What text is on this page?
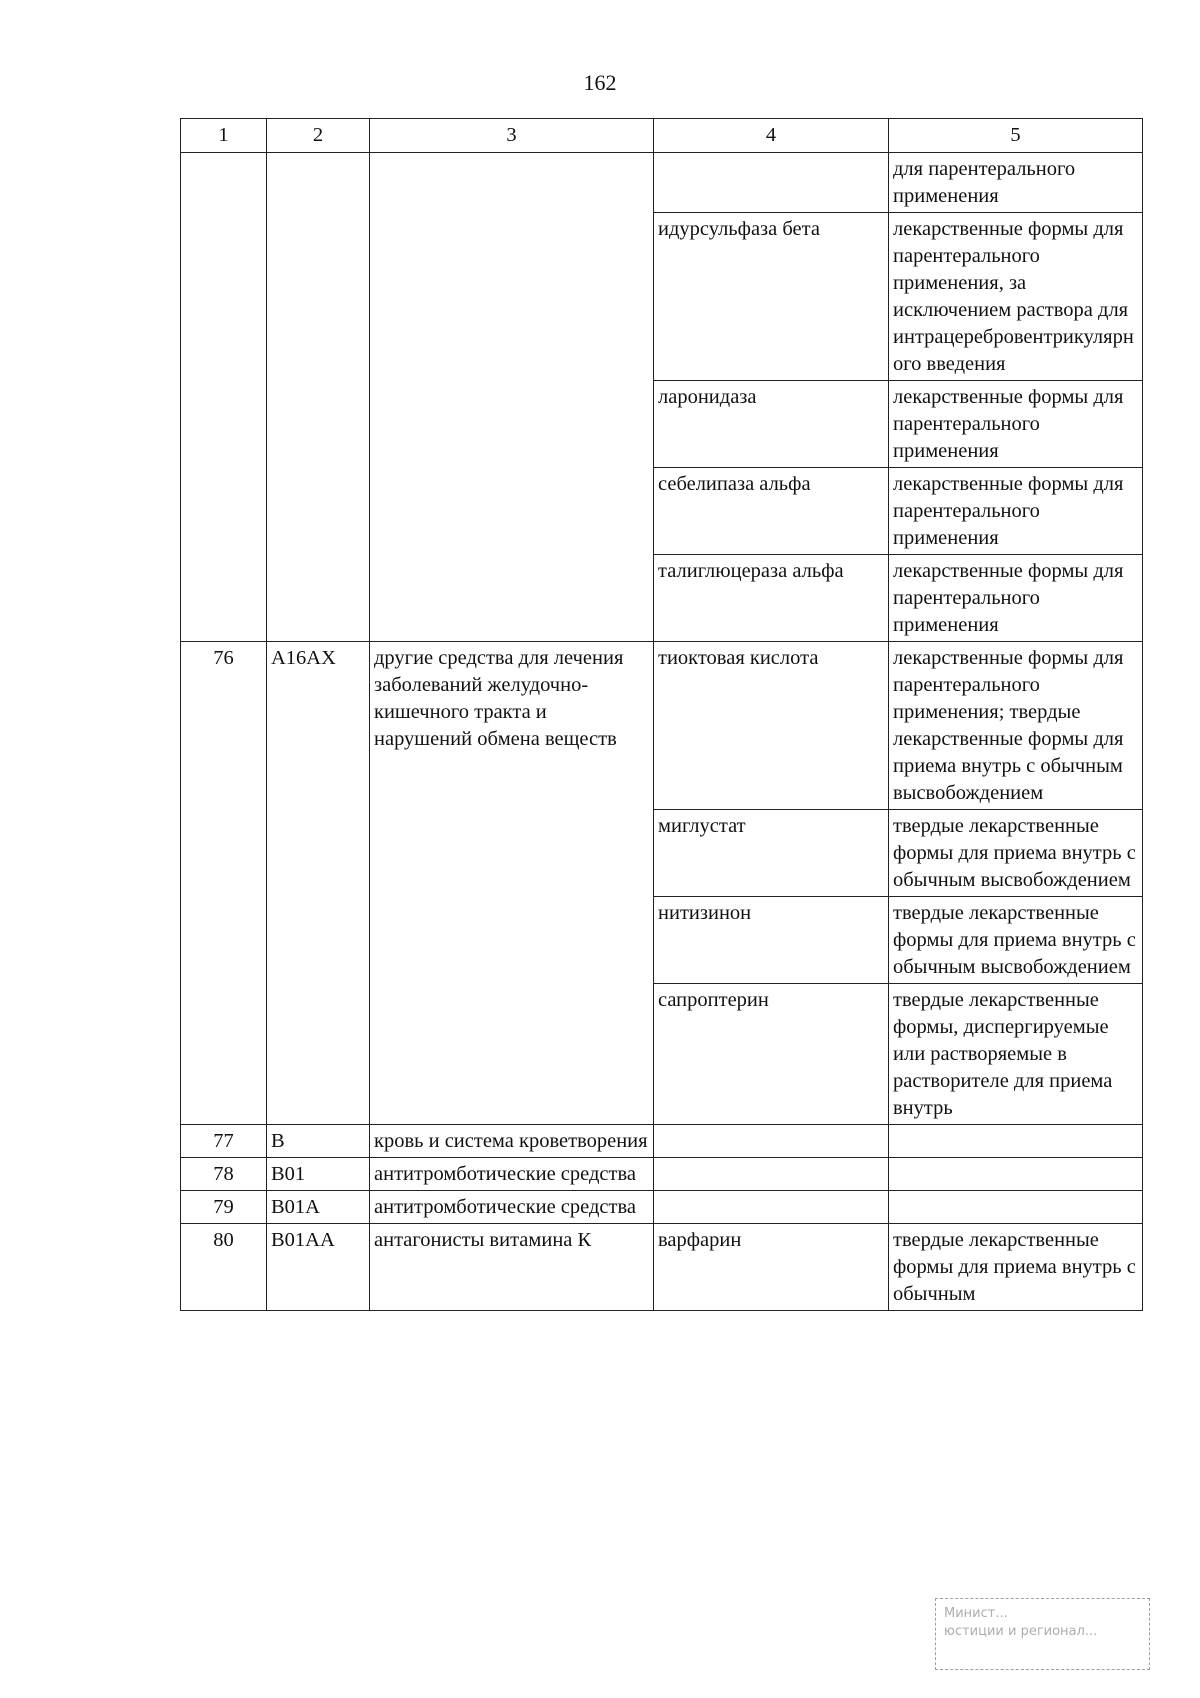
162
1	2	3	4	5
				для парентерального применения
			идурсульфаза бета	лекарственные формы для парентерального применения, за исключением раствора для интрацеребровентрикулярного введения
			ларонидаза	лекарственные формы для парентерального применения
			себелипаза альфа	лекарственные формы для парентерального применения
			талиглюцераза альфа	лекарственные формы для парентерального применения
76	A16AX	другие средства для лечения заболеваний желудочно-кишечного тракта и нарушений обмена веществ	тиоктовая кислота	лекарственные формы для парентерального применения; твердые лекарственные формы для приема внутрь с обычным высвобождением
			миглустат	твердые лекарственные формы для приема внутрь с обычным высвобождением
			нитизинон	твердые лекарственные формы для приема внутрь с обычным высвобождением
			сапроптерин	твердые лекарственные формы, диспергируемые или растворяемые в растворителе для приема внутрь
77	B	кровь и система кроветворения		
78	B01	антитромботические средства		
79	B01A	антитромботические средства		
80	B01AA	антагонисты витамина К	варфарин	твердые лекарственные формы для приема внутрь с обычным
Минист...
юстиции и регионал...
